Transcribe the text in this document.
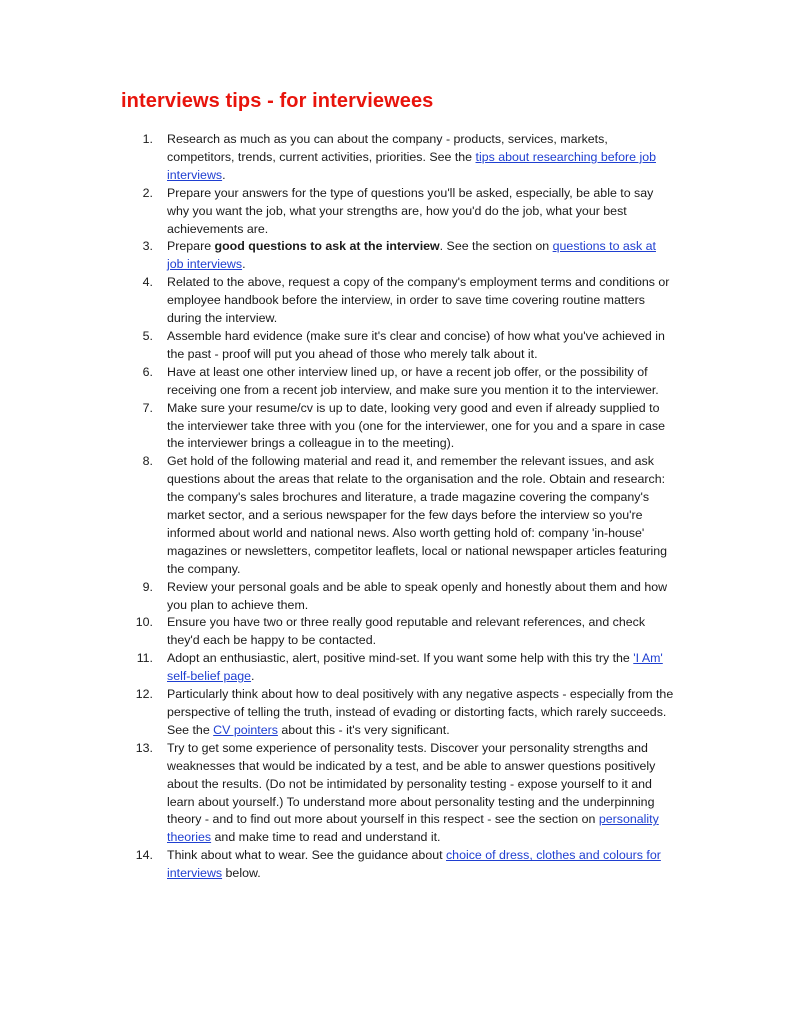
interviews tips - for interviewees
1. Research as much as you can about the company - products, services, markets, competitors, trends, current activities, priorities. See the tips about researching before job interviews.
2. Prepare your answers for the type of questions you'll be asked, especially, be able to say why you want the job, what your strengths are, how you'd do the job, what your best achievements are.
3. Prepare good questions to ask at the interview. See the section on questions to ask at job interviews.
4. Related to the above, request a copy of the company's employment terms and conditions or employee handbook before the interview, in order to save time covering routine matters during the interview.
5. Assemble hard evidence (make sure it's clear and concise) of how what you've achieved in the past - proof will put you ahead of those who merely talk about it.
6. Have at least one other interview lined up, or have a recent job offer, or the possibility of receiving one from a recent job interview, and make sure you mention it to the interviewer.
7. Make sure your resume/cv is up to date, looking very good and even if already supplied to the interviewer take three with you (one for the interviewer, one for you and a spare in case the interviewer brings a colleague in to the meeting).
8. Get hold of the following material and read it, and remember the relevant issues, and ask questions about the areas that relate to the organisation and the role. Obtain and research: the company's sales brochures and literature, a trade magazine covering the company's market sector, and a serious newspaper for the few days before the interview so you're informed about world and national news. Also worth getting hold of: company 'in-house' magazines or newsletters, competitor leaflets, local or national newspaper articles featuring the company.
9. Review your personal goals and be able to speak openly and honestly about them and how you plan to achieve them.
10. Ensure you have two or three really good reputable and relevant references, and check they'd each be happy to be contacted.
11. Adopt an enthusiastic, alert, positive mind-set. If you want some help with this try the 'I Am' self-belief page.
12. Particularly think about how to deal positively with any negative aspects - especially from the perspective of telling the truth, instead of evading or distorting facts, which rarely succeeds. See the CV pointers about this - it's very significant.
13. Try to get some experience of personality tests. Discover your personality strengths and weaknesses that would be indicated by a test, and be able to answer questions positively about the results. (Do not be intimidated by personality testing - expose yourself to it and learn about yourself.) To understand more about personality testing and the underpinning theory - and to find out more about yourself in this respect - see the section on personality theories and make time to read and understand it.
14. Think about what to wear. See the guidance about choice of dress, clothes and colours for interviews below.
